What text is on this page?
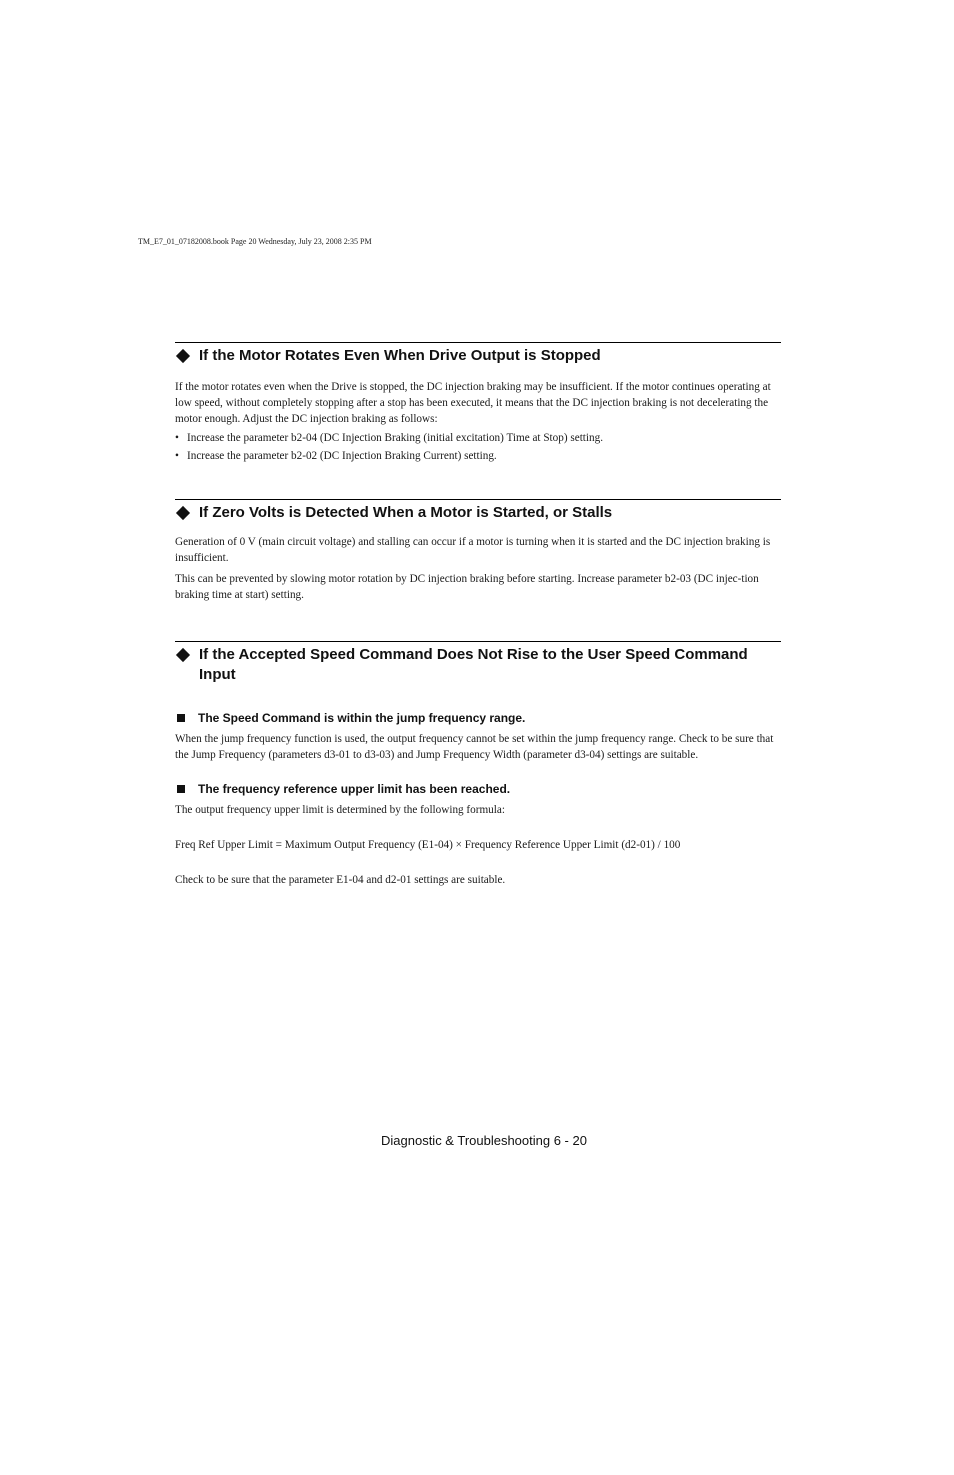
TM_E7_01_07182008.book Page 20 Wednesday, July 23, 2008 2:35 PM
If the Motor Rotates Even When Drive Output is Stopped

If the motor rotates even when the Drive is stopped, the DC injection braking may be insufficient. If the motor continues operating at low speed, without completely stopping after a stop has been executed, it means that the DC injection braking is not decelerating the motor enough. Adjust the DC injection braking as follows:

• Increase the parameter b2-04 (DC Injection Braking (initial excitation) Time at Stop) setting.
• Increase the parameter b2-02 (DC Injection Braking Current) setting.
If Zero Volts is Detected When a Motor is Started, or Stalls

Generation of 0 V (main circuit voltage) and stalling can occur if a motor is turning when it is started and the DC injection braking is insufficient.

This can be prevented by slowing motor rotation by DC injection braking before starting. Increase parameter b2-03 (DC injec-tion braking time at start) setting.

If the Accepted Speed Command Does Not Rise to the User Speed Command Input
The Speed Command is within the jump frequency range.

When the jump frequency function is used, the output frequency cannot be set within the jump frequency range. Check to be sure that the Jump Frequency (parameters d3-01 to d3-03) and Jump Frequency Width (parameter d3-04) settings are suitable.

The frequency reference upper limit has been reached.

The output frequency upper limit is determined by the following formula:

Freq Ref Upper Limit = Maximum Output Frequency (E1-04) × Frequency Reference Upper Limit (d2-01) / 100

Check to be sure that the parameter E1-04 and d2-01 settings are suitable.

Diagnostic & Troubleshooting 6 - 20
